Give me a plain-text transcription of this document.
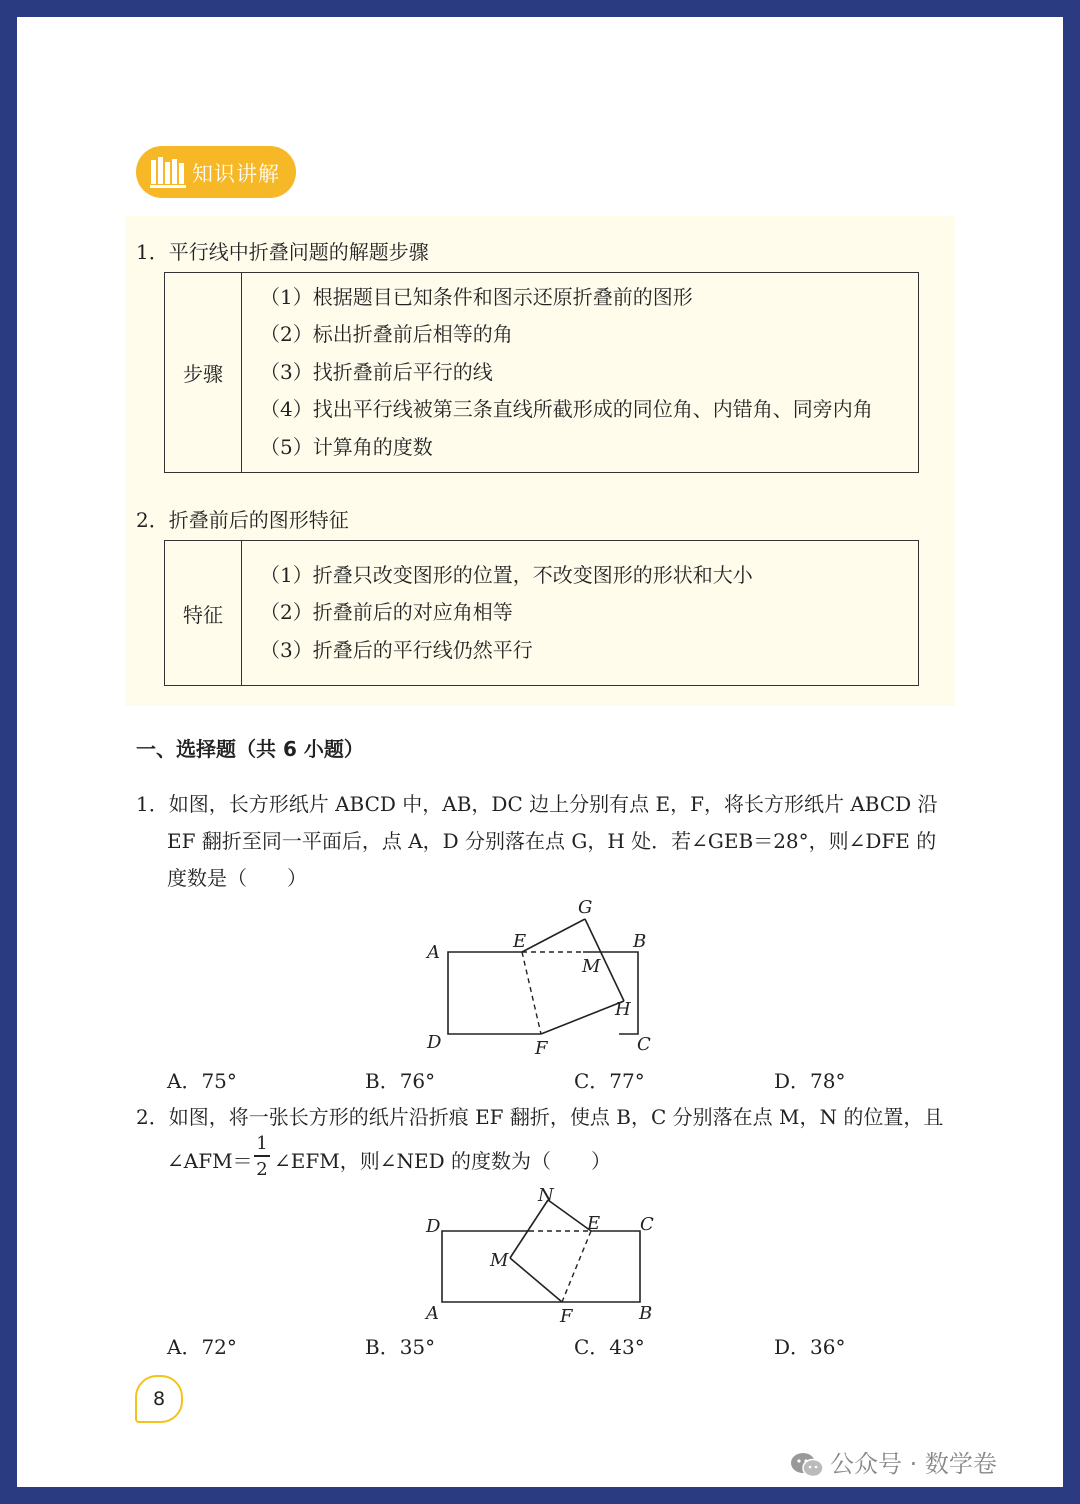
知识讲解
1．平行线中折叠问题的解题步骤
步骤	
（1）根据题目已知条件和图示还原折叠前的图形
（2）标出折叠前后相等的角
（3）找折叠前后平行的线
（4）找出平行线被第三条直线所截形成的同位角、内错角、同旁内角
（5）计算角的度数
2．折叠前后的图形特征
特征	
（1）折叠只改变图形的位置，不改变图形的形状和大小
（2）折叠前后的对应角相等
（3）折叠后的平行线仍然平行
一、选择题（共 6 小题）
1．如图，长方形纸片 ABCD 中，AB，DC 边上分别有点 E，F，将长方形纸片 ABCD 沿
EF 翻折至同一平面后，点 A，D 分别落在点 G，H 处．若∠GEB＝28°，则∠DFE 的
度数是（　　）
A
B
C
D
E
F
G
H
M
A．75°	B．76°	C．77°	D．78°
2．如图，将一张长方形的纸片沿折痕 EF 翻折，使点 B，C 分别落在点 M，N 的位置，且
∠AFM＝
1
2 ∠EFM，则∠NED 的度数为（　　）
A	B
C
D	E
F
M
N
A．72°	B．35°	C．43°	D．36°
8
公众号 · 数学卷
